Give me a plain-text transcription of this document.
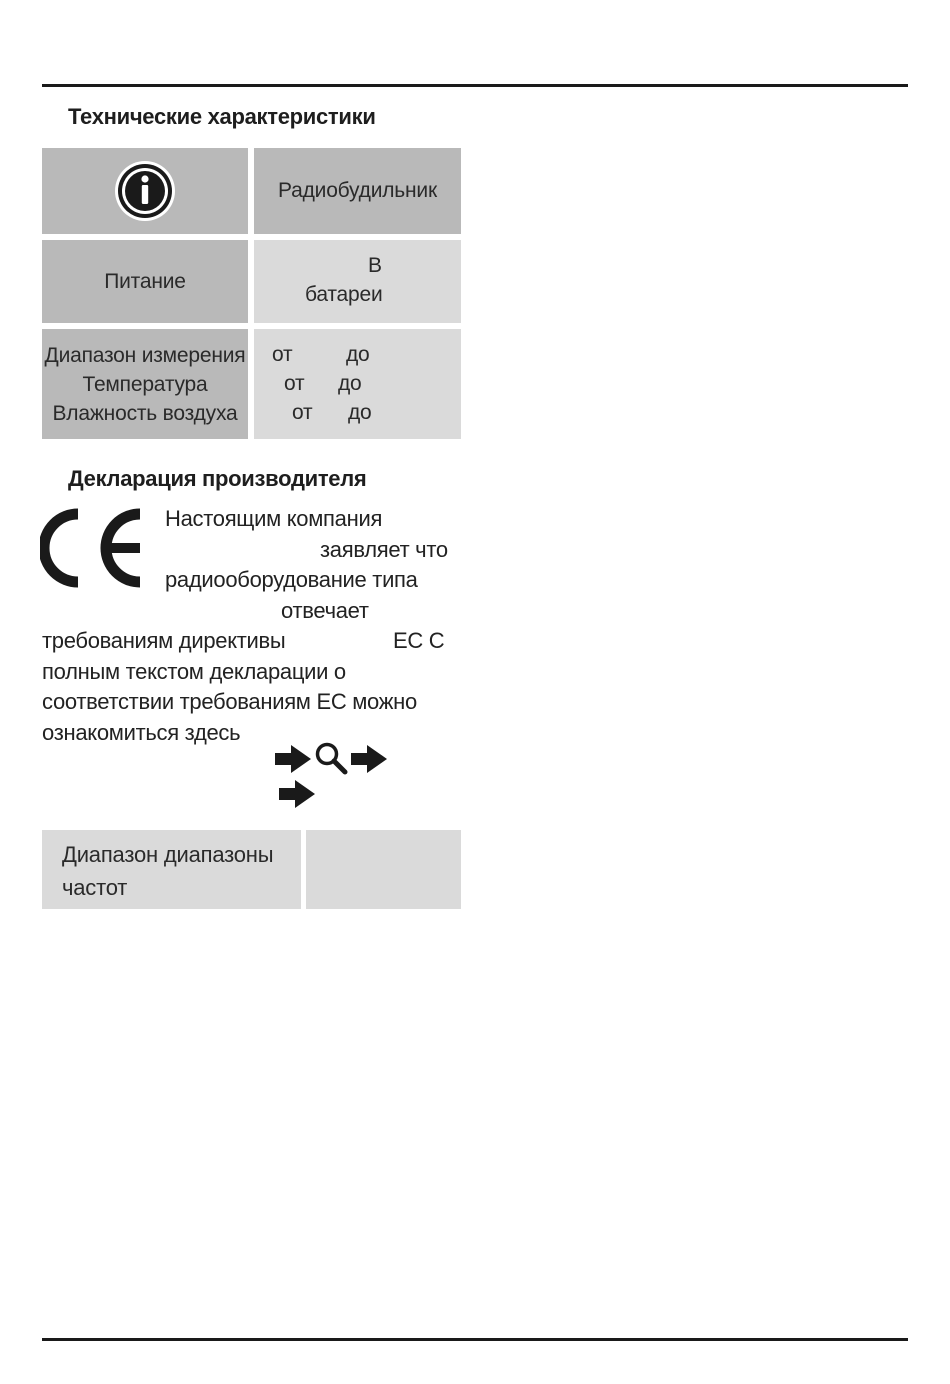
Технические характеристики
Радиобудильник
Питание
В
батареи
Диапазон измерения
Температура
Влажность воздуха
от	до
от до
от до
Декларация производителя
Настоящим компания
заявляет что
радиооборудование типа
отвечает
требованиям директивы	ЕС С
полным текстом декларации о
соответствии требованиям ЕС можно
ознакомиться здесь
Диапазон диапазоны
частот
